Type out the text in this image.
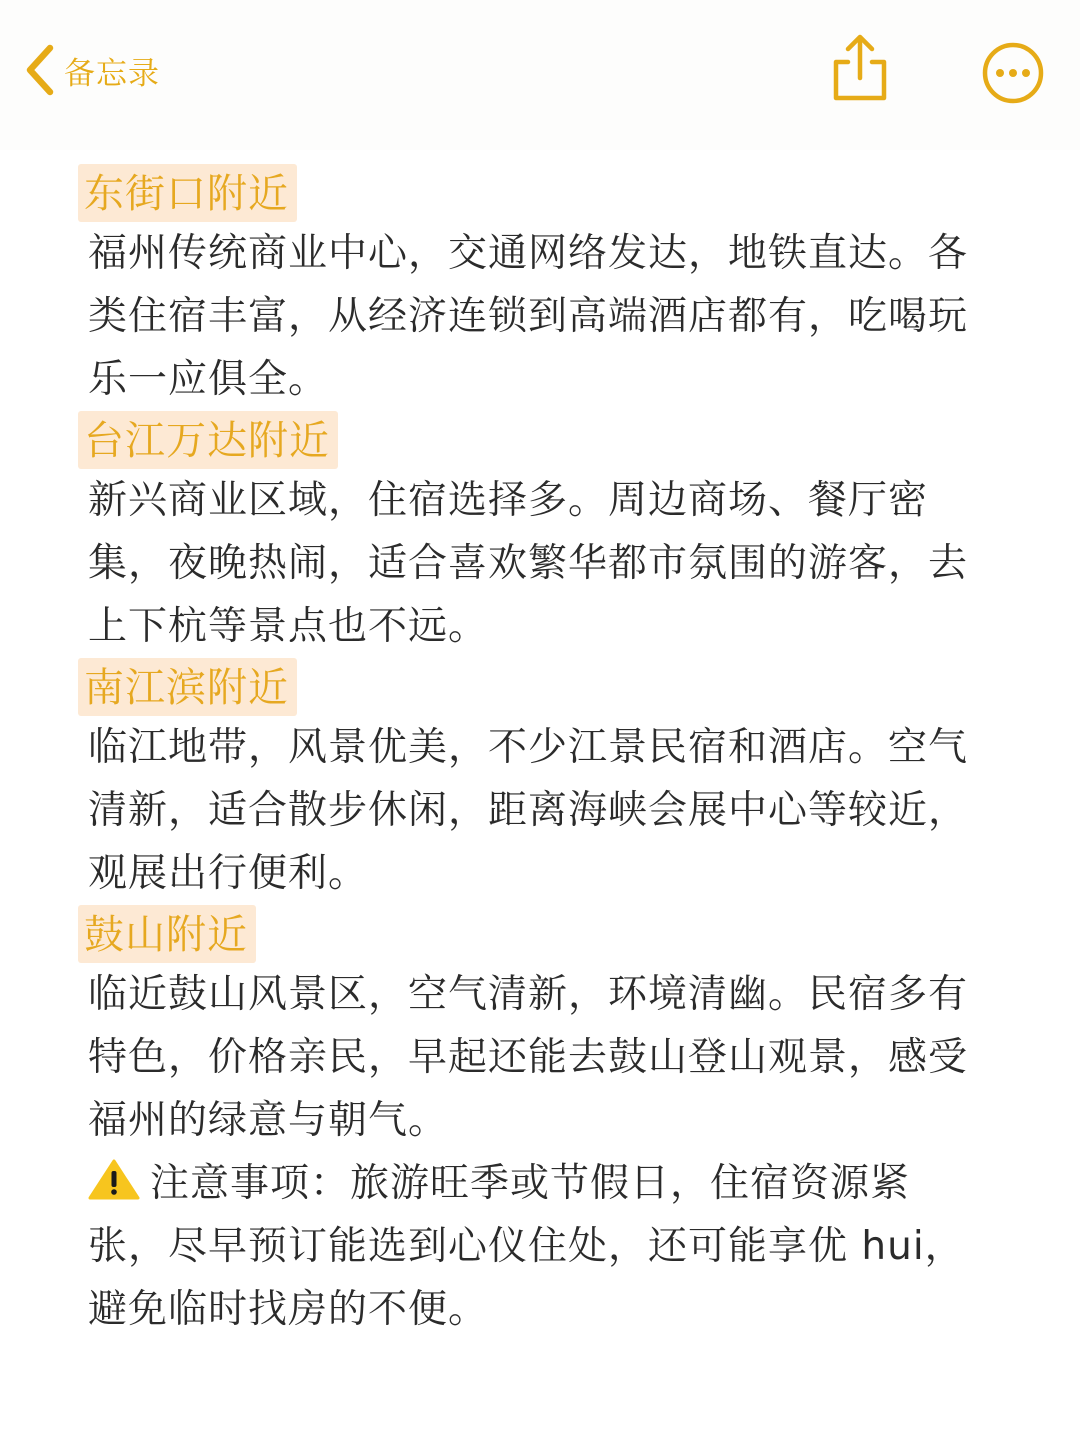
备忘录
东街口附近
福州传统商业中心，交通网络发达，地铁直达。各
类住宿丰富，从经济连锁到高端酒店都有，吃喝玩
乐一应俱全。
台江万达附近
新兴商业区域，住宿选择多。周边商场、餐厅密
集，夜晚热闹，适合喜欢繁华都市氛围的游客，去
上下杭等景点也不远。
南江滨附近
临江地带，风景优美，不少江景民宿和酒店。空气
清新，适合散步休闲，距离海峡会展中心等较近，
观展出行便利。
鼓山附近
临近鼓山风景区，空气清新，环境清幽。民宿多有
特色，价格亲民，早起还能去鼓山登山观景，感受
福州的绿意与朝气。
注意事项：旅游旺季或节假日，住宿资源紧
张，尽早预订能选到心仪住处，还可能享优 hui，
避免临时找房的不便。
